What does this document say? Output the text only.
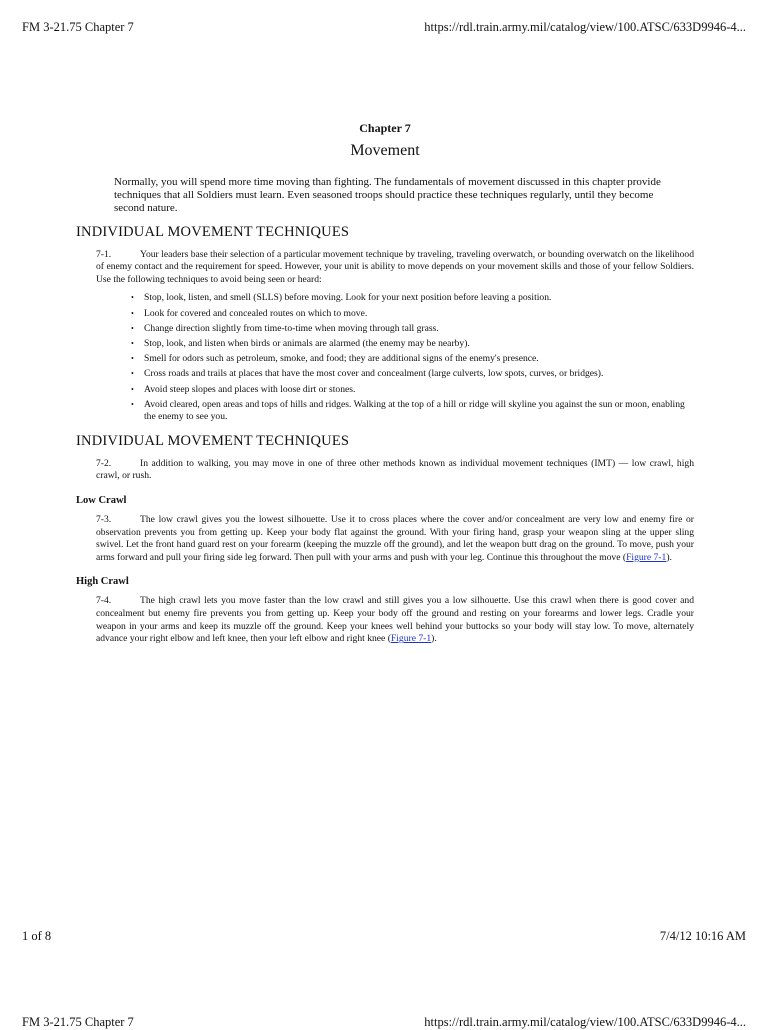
FM 3-21.75 Chapter 7	https://rdl.train.army.mil/catalog/view/100.ATSC/633D9946-4...

Chapter 7

Movement

Normally, you will spend more time moving than fighting. The fundamentals of movement discussed in this chapter provide techniques that all Soldiers must learn. Even seasoned troops should practice these techniques regularly, until they become second nature.

INDIVIDUAL MOVEMENT TECHNIQUES

7-1.	Your leaders base their selection of a particular movement technique by traveling, traveling overwatch, or bounding overwatch on the likelihood of enemy contact and the requirement for speed. However, your unit is ability to move depends on your movement skills and those of your fellow Soldiers. Use the following techniques to avoid being seen or heard:

• Stop, look, listen, and smell (SLLS) before moving. Look for your next position before leaving a position.
• Look for covered and concealed routes on which to move.
• Change direction slightly from time-to-time when moving through tall grass.
• Stop, look, and listen when birds or animals are alarmed (the enemy may be nearby).
• Smell for odors such as petroleum, smoke, and food; they are additional signs of the enemy's presence.
• Cross roads and trails at places that have the most cover and concealment (large culverts, low spots, curves, or bridges).
• Avoid steep slopes and places with loose dirt or stones.
• Avoid cleared, open areas and tops of hills and ridges. Walking at the top of a hill or ridge will skyline you against the sun or moon, enabling the enemy to see you.
INDIVIDUAL MOVEMENT TECHNIQUES

7-2.	In addition to walking, you may move in one of three other methods known as individual movement techniques (IMT) — low crawl, high crawl, or rush.

Low Crawl

7-3.	The low crawl gives you the lowest silhouette. Use it to cross places where the cover and/or concealment are very low and enemy fire or observation prevents you from getting up. Keep your body flat against the ground. With your firing hand, grasp your weapon sling at the upper sling swivel. Let the front hand guard rest on your forearm (keeping the muzzle off the ground), and let the weapon butt drag on the ground. To move, push your arms forward and pull your firing side leg forward. Then pull with your arms and push with your leg. Continue this throughout the move (Figure 7-1).

High Crawl

7-4.	The high crawl lets you move faster than the low crawl and still gives you a low silhouette. Use this crawl when there is good cover and concealment but enemy fire prevents you from getting up. Keep your body off the ground and resting on your forearms and lower legs. Cradle your weapon in your arms and keep its muzzle off the ground. Keep your knees well behind your buttocks so your body will stay low. To move, alternately advance your right elbow and left knee, then your left elbow and right knee (Figure 7-1).

1 of 8	7/4/12 10:16 AM
FM 3-21.75 Chapter 7	https://rdl.train.army.mil/catalog/view/100.ATSC/633D9946-4...
